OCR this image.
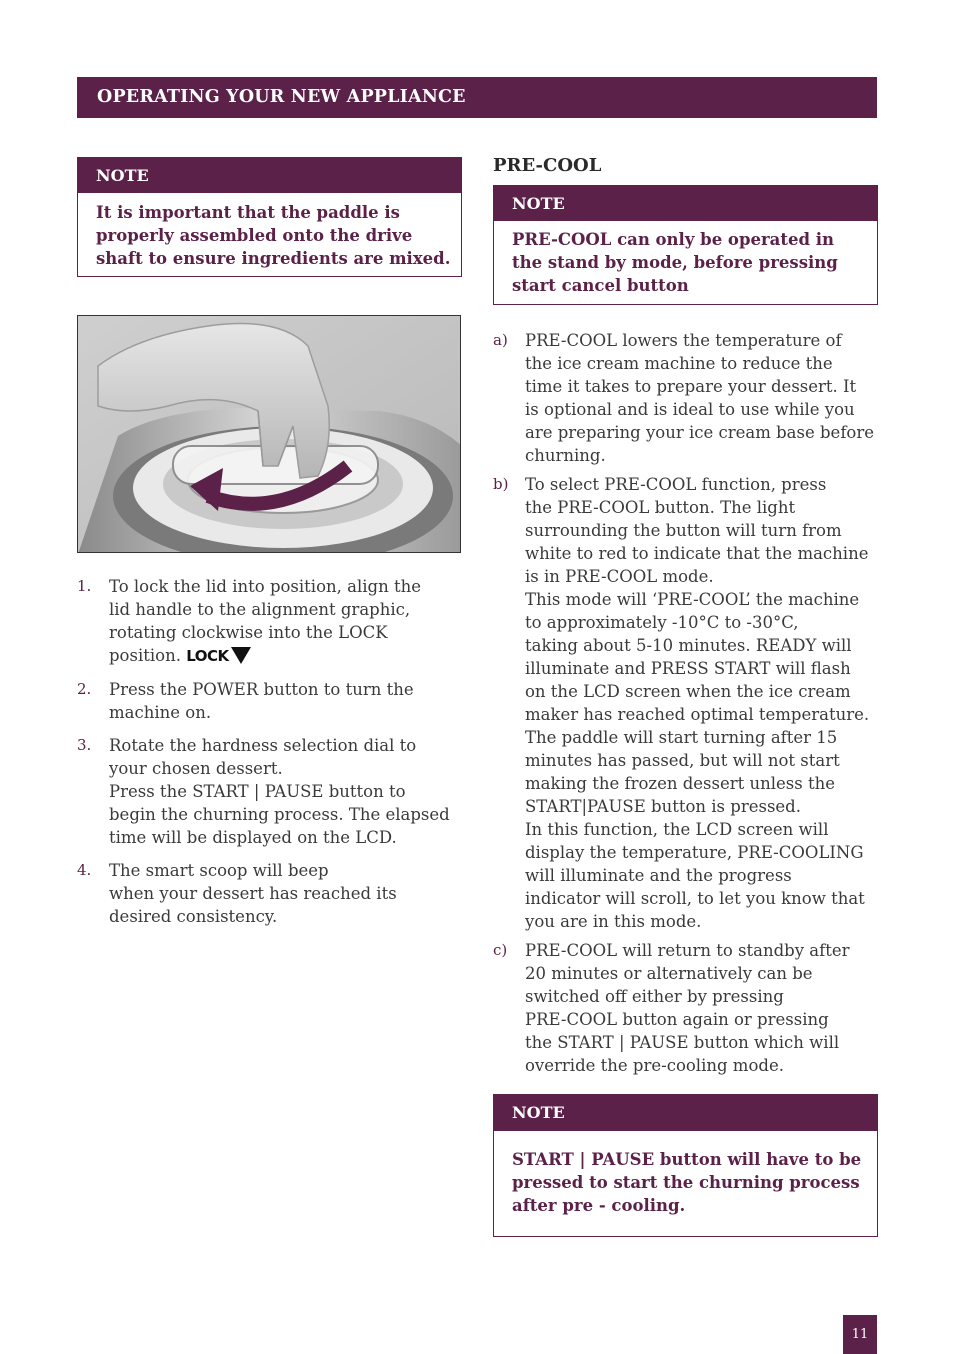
OPERATING YOUR NEW APPLIANCE
NOTE
It is important that the paddle is
properly assembled onto the drive
shaft to ensure ingredients are mixed.
1. To lock the lid into position, align the
lid handle to the alignment graphic,
rotating clockwise into the LOCK
position. LOCK
2. Press the POWER button to turn the
machine on.
3. Rotate the hardness selection dial to
your chosen dessert.
Press the START | PAUSE button to
begin the churning process. The elapsed
time will be displayed on the LCD.
4. The smart scoop will beep
when your dessert has reached its
desired consistency.
PRE-COOL
NOTE
PRE-COOL can only be operated in
the stand by mode, before pressing
start cancel button
a) PRE-COOL lowers the temperature of
the ice cream machine to reduce the
time it takes to prepare your dessert. It
is optional and is ideal to use while you
are preparing your ice cream base before
churning.
b) To select PRE-COOL function, press
the PRE-COOL button. The light
surrounding the button will turn from
white to red to indicate that the machine
is in PRE-COOL mode.
This mode will ‘PRE-COOL’ the machine
to approximately -10°C to -30°C,
taking about 5-10 minutes. READY will
illuminate and PRESS START will flash
on the LCD screen when the ice cream
maker has reached optimal temperature.
The paddle will start turning after 15
minutes has passed, but will not start
making the frozen dessert unless the
START|PAUSE button is pressed.
In this function, the LCD screen will
display the temperature, PRE-COOLING
will illuminate and the progress
indicator will scroll, to let you know that
you are in this mode.
c) PRE-COOL will return to standby after
20 minutes or alternatively can be
switched off either by pressing
PRE-COOL button again or pressing
the START | PAUSE button which will
override the pre-cooling mode.
NOTE
START | PAUSE button will have to be
pressed to start the churning process
after pre - cooling.
11
